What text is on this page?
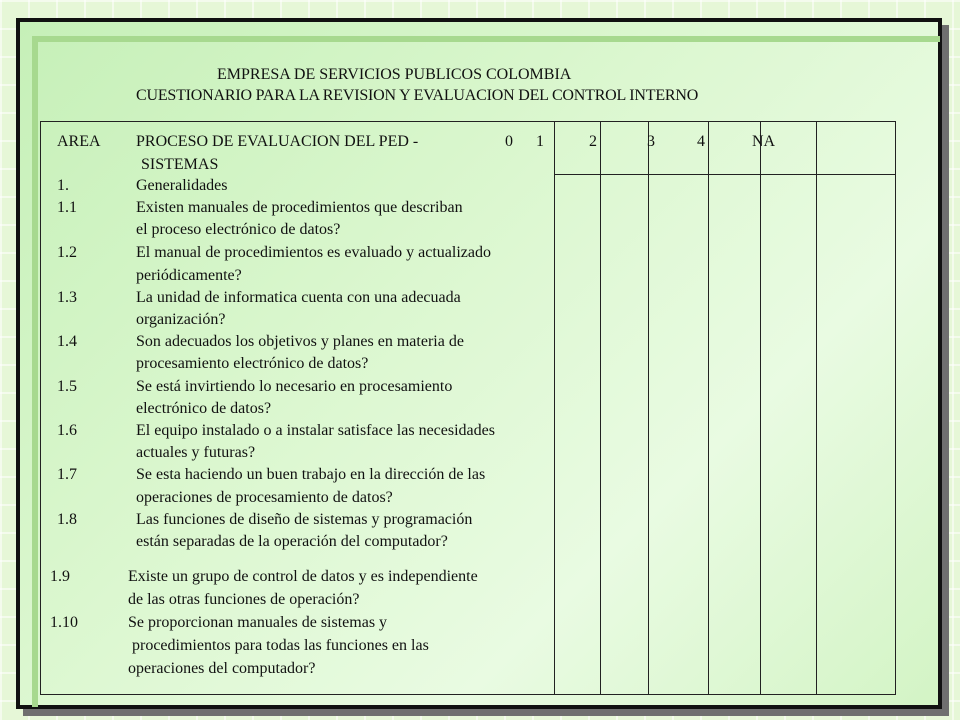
EMPRESA DE SERVICIOS PUBLICOS COLOMBIA
CUESTIONARIO PARA LA REVISION Y EVALUACION DEL CONTROL INTERNO
AREA PROCESO DE EVALUACION DEL PED -
SISTEMAS
0 1	2	3	4	NA
1.	Generalidades
1.1	Existen manuales de procedimientos que describan
el proceso electrónico de datos?
1.2	El manual de procedimientos es evaluado y actualizado
periódicamente?
1.3	La unidad de informatica cuenta con una adecuada
organización?
1.4	Son adecuados los objetivos y planes en materia de
procesamiento electrónico de datos?
1.5	Se está invirtiendo lo necesario en procesamiento
electrónico de datos?
1.6	El equipo instalado o a instalar satisface las necesidades
actuales y futuras?
1.7	Se esta haciendo un buen trabajo en la dirección de las
operaciones de procesamiento de datos?
1.8	Las funciones de diseño de sistemas y programación
están separadas de la operación del computador?
1.9	Existe un grupo de control de datos y es independiente
de las otras funciones de operación?
1.10	Se proporcionan manuales de sistemas y
procedimientos para todas las funciones en las
operaciones del computador?
